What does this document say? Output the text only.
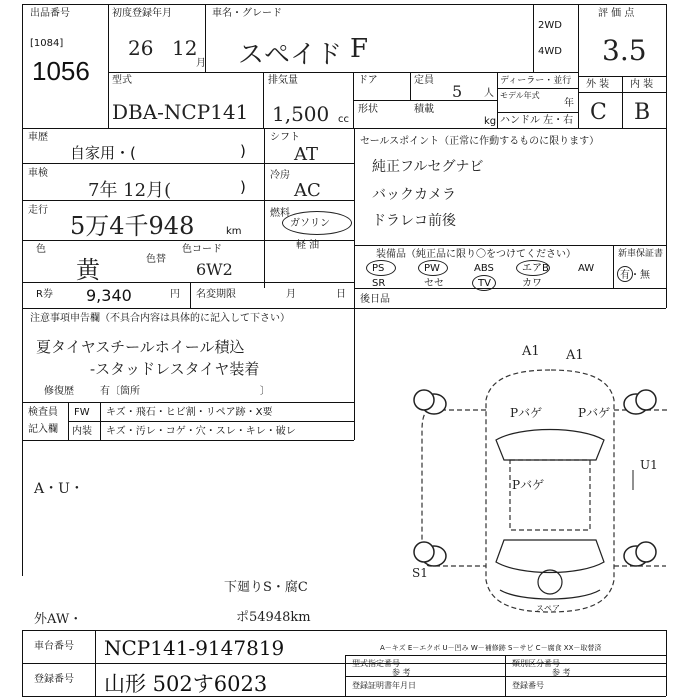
出品番号
[1084]
1056
初度登録年月
26 12
月
車名・グレード
スペイド F
2WD
4WD
評 価 点
3.5
型式
DBA-NCP141
排気量
1,500 cc
ドア	定員
5 人
ディーラー・並行
モデル年式
年
外 装 内 装
C B
形状	積載
kg ハンドル 左・右
車歴
自家用・(	)
車検
7年 12月(	)
走行
5万4千948	km
色
黄	色替
色コード
6W2
R券 9,340	円 名変期限	月	日
シフト
AT
冷房
AC
燃料
ガソリン
軽 油
セールスポイント（正常に作動するものに限ります）
純正フルセグナビ
バックカメラ
ドラレコ前後
装備品（純正品に限り〇をつけてください）
PS	PW	ABS	エアB	AW
SR	セセ	TV	カワ
新車保証書
有・無
後日品
注意事項申告欄（不具合内容は具体的に記入して下さい）
夏タイヤスチールホイール積込
-スタッドレスタイヤ装着
修復歴	有〔箇所	〕
検査員
記入欄
FW キズ・飛石・ヒビ割・リペア跡・X要
内装 キズ・汚レ・コゲ・穴・スレ・キレ・破レ
A・U・
下廻りS・腐C
外AW・	ポ54948km
A1 A1
Pバゲ	Pバゲ
Pバゲ
U1
S1
スペア
A－キズ E－エクボ U－凹み W－補修跡 S－サビ C－腐食 XX－取替済
車台番号 NCP141-9147819
登録番号 山形 502す6023
型式指定番号
参 考
類別区分番号
参 考
登録証明書年月日	登録番号
